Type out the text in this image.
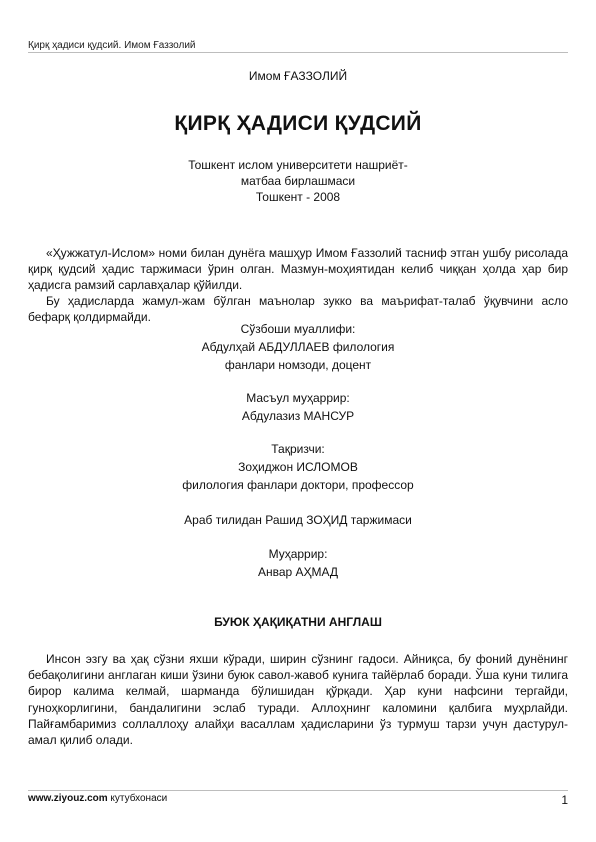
Қирқ ҳадиси қудсий. Имом Ғаззолий
Имом ҒАЗЗОЛИЙ
ҚИРҚ ҲАДИСИ ҚУДСИЙ
Тошкент ислом университети нашриёт-
матбаа бирлашмаси
Тошкент - 2008

«Ҳужжатул-Ислом» номи билан дунёга машҳур Имом Ғаззолий тасниф этган ушбу рисолада қирқ қудсий ҳадис таржимаси ўрин олган. Мазмун-моҳиятидан келиб чиққан ҳолда ҳар бир ҳадисга рамзий сарлавҳалар қўйилди.

Бу ҳадисларда жамул-жам бўлган маънолар зукко ва маърифат-талаб ўқувчини асло бефарқ қолдирмайди.

Сўзбоши муаллифи:
Абдулҳай АБДУЛЛАЕВ филология
фанлари номзоди, доцент
Масъул муҳаррир:
Абдулазиз МАНСУР
Тақризчи:
Зоҳиджон ИСЛОМОВ
филология фанлари доктори, профессор
Араб тилидан Рашид ЗОҲИД таржимаси
Муҳаррир:
Анвар АҲМАД
БУЮК ҲАҚИҚАТНИ АНГЛАШ

Инсон эзгу ва ҳақ сўзни яхши кўради, ширин сўзнинг гадоси. Айниқса, бу фоний дунёнинг бебақолигини англаган киши ўзини буюк савол-жавоб кунига тайёрлаб боради. Ўша куни тилига бирор калима келмай, шарманда бўлишидан қўрқади. Ҳар куни нафсини тергайди, гуноҳкорлигини, бандалигини эслаб туради. Аллоҳнинг каломини қалбига муҳрлайди. Пайғамбаримиз соллаллоҳу алайҳи васаллам ҳадисларини ўз турмуш тарзи учун дастурул-амал қилиб олади.

www.ziyouz.com кутубхонаси	1
